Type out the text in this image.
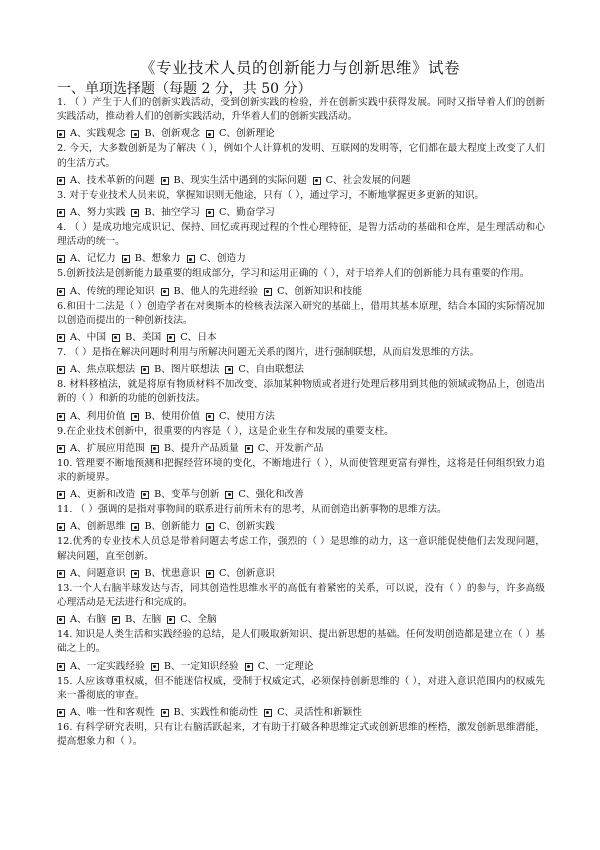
《专业技术人员的创新能力与创新思维》试卷
一、单项选择题（每题 2 分，共 50 分）

1. （ ）产生于人们的创新实践活动，受到创新实践的检验，并在创新实践中获得发展。同时又指导着人们的创新实践活动，推动着人们的创新实践活动，升华着人们的创新实践活动。

A、实践观念 B、创新观念 C、创新理论

2. 今天，大多数创新是为了解决（ ），例如个人计算机的发明、互联网的发明等，它们都在最大程度上改变了人们的生活方式。

A、技术革新的问题 B、现实生活中遇到的实际问题 C、社会发展的问题

3. 对于专业技术人员来说，掌握知识则无他途，只有（ ），通过学习，不断地掌握更多更新的知识。

A、努力实践 B、抽空学习 C、勤奋学习

4. （ ）是成功地完成识记、保持、回忆或再现过程的个性心理特征，是智力活动的基础和仓库，是生理活动和心理活动的统一。

A、记忆力 B、想象力 C、创造力

5.创新技法是创新能力最重要的组成部分，学习和运用正确的（ ），对于培养人们的创新能力具有重要的作用。

A、传统的理论知识 B、他人的先进经验 C、创新知识和技能

6.和田十二法是（ ）创造学者在对奥斯本的检核表法深入研究的基础上，借用其基本原理，结合本国的实际情况加以创造而提出的一种创新技法。

A、中国 B、美国 C、日本

7. （ ）是指在解决问题时利用与所解决问题无关系的图片，进行强制联想，从而启发思维的方法。

A、焦点联想法 B、图片联想法 C、自由联想法

8. 材料移植法，就是将原有物质材料不加改变、添加某种物质或者进行处理后移用到其他的领域或物品上，创造出新的（ ）和新的功能的创新技法。

A、利用价值 B、使用价值 C、使用方法

9.在企业技术创新中，很重要的内容是（ ），这是企业生存和发展的重要支柱。

A、扩展应用范围 B、提升产品质量 C、开发新产品

10. 管理要不断地预测和把握经营环境的变化，不断地进行（ ），从而使管理更富有弹性，这将是任何组织致力追求的新境界。

A、更新和改造 B、变革与创新 C、强化和改善

11. （ ）强调的是指对事物间的联系进行前所未有的思考，从而创造出新事物的思维方法。

A、创新思维 B、创新能力 C、创新实践

12.优秀的专业技术人员总是带着问题去考虑工作，强烈的（ ）是思维的动力，这一意识能促使他们去发现问题，解决问题，直至创新。

A、问题意识 B、忧患意识 C、创新意识

13.一个人右脑半球发达与否，同其创造性思维水平的高低有着紧密的关系，可以说，没有（ ）的参与，许多高级心理活动是无法进行和完成的。

A、右脑 B、左脑 C、全脑

14. 知识是人类生活和实践经验的总结，是人们吸取新知识、提出新思想的基础。任何发明创造都是建立在（ ）基础之上的。

A、一定实践经验 B、一定知识经验 C、一定理论

15. 人应该尊重权威，但不能迷信权威，受制于权威定式，必须保持创新思维的（ ），对进入意识范围内的权威先来一番彻底的审查。

A、唯一性和客观性 B、实践性和能动性 C、灵活性和新颖性

16. 有科学研究表明，只有让右脑活跃起来，才有助于打破各种思维定式或创新思维的桎梏，激发创新思维潜能，提高想象力和（ ）。
